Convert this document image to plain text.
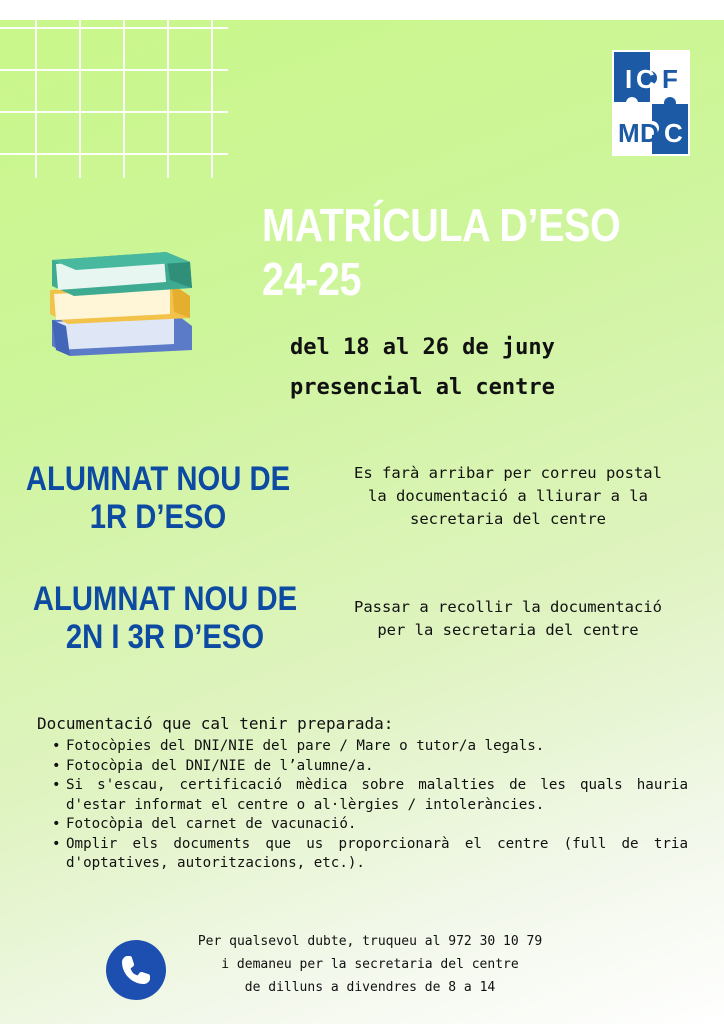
I C F
M D C
MATRÍCULA D’ESO
24-25
del 18 al 26 de juny
presencial al centre
ALUMNAT NOU DE
1R D’ESO
Es farà arribar per correu postal
la documentació a lliurar a la
secretaria del centre
ALUMNAT NOU DE
2N I 3R D’ESO
Passar a recollir la documentació
per la secretaria del centre
Documentació que cal tenir preparada:
• Fotocòpies del DNI/NIE del pare / Mare o tutor/a legals.
• Fotocòpia del DNI/NIE de l’alumne/a.
• Si s'escau, certificació mèdica sobre malalties de les quals hauria d'estar informat el centre o al·lèrgies / intoleràncies.
• Fotocòpia del carnet de vacunació.
• Omplir els documents que us proporcionarà el centre (full de tria d'optatives, autoritzacions, etc.).
Per qualsevol dubte, truqueu al 972 30 10 79
i demaneu per la secretaria del centre
de dilluns a divendres de 8 a 14
